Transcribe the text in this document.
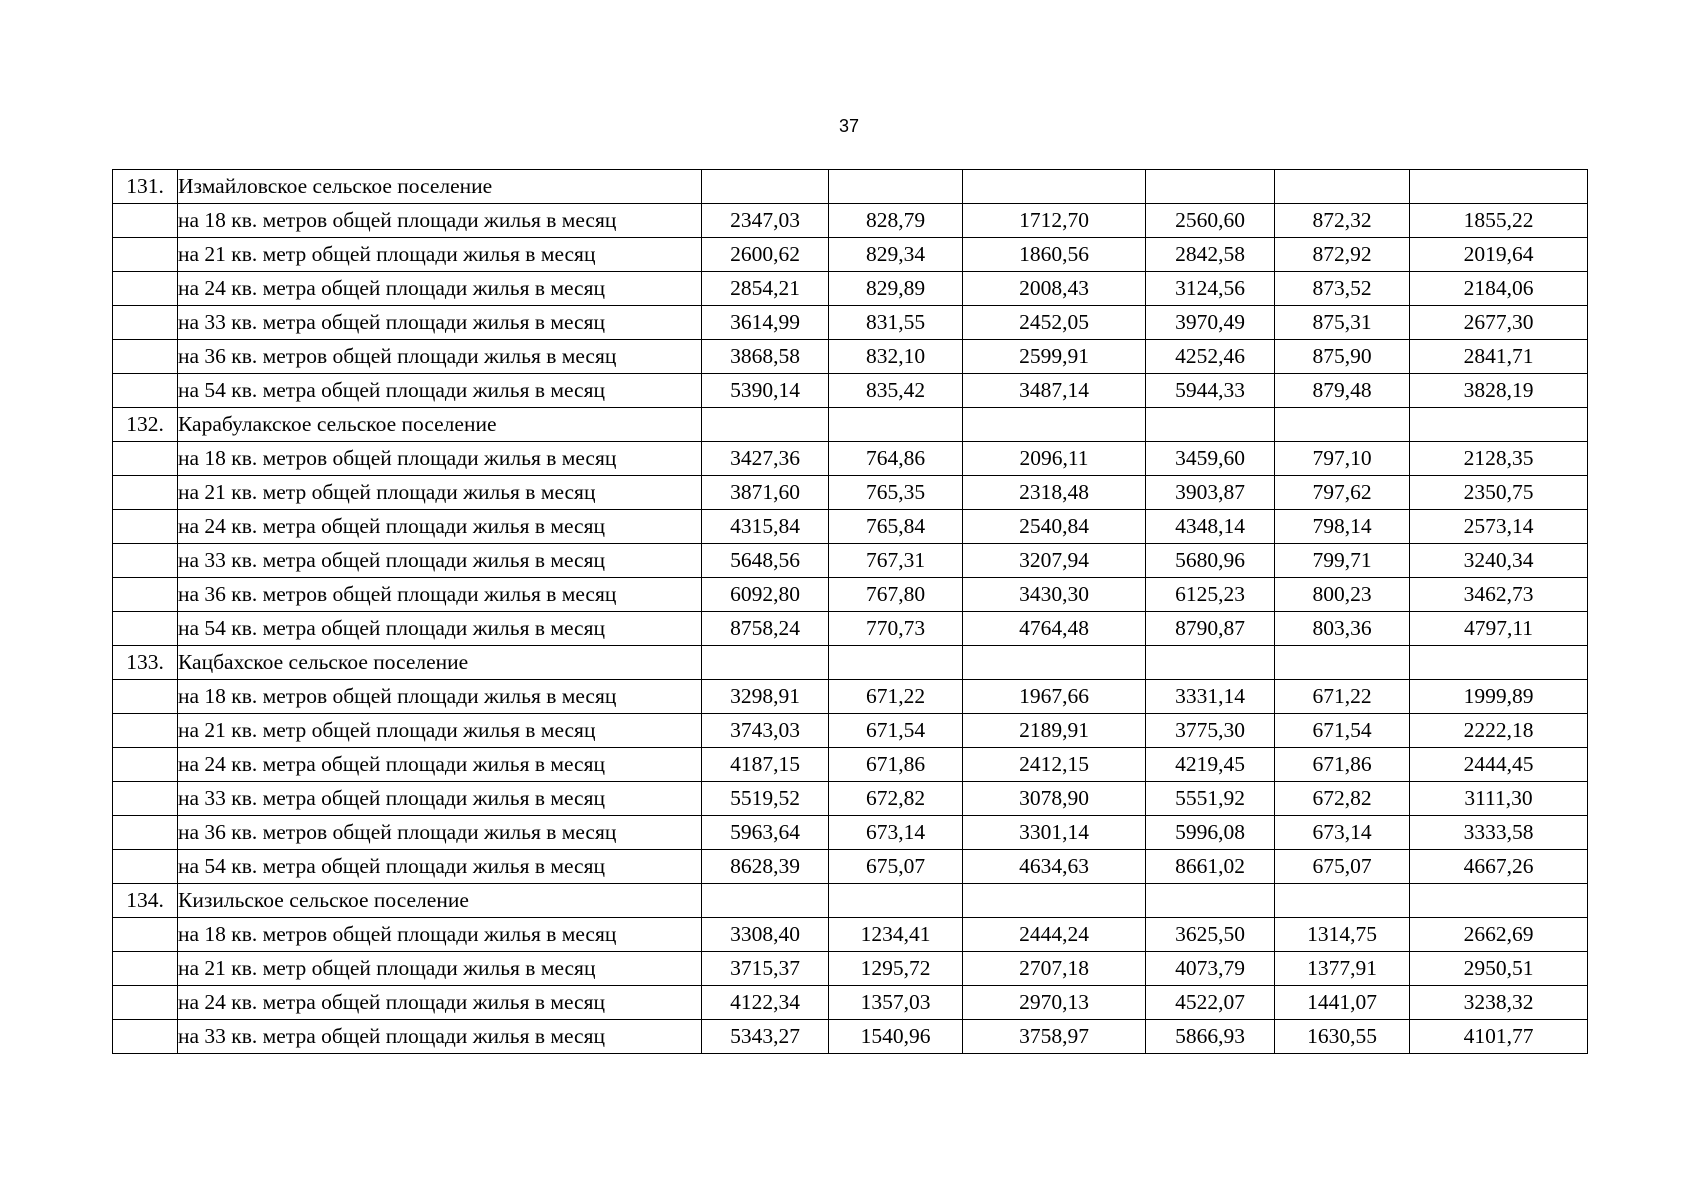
37
131.	Измайловское сельское поселение						
	на 18 кв. метров общей площади жилья в месяц	2347,03	828,79	1712,70	2560,60	872,32	1855,22
	на 21 кв. метр общей площади жилья в месяц	2600,62	829,34	1860,56	2842,58	872,92	2019,64
	на 24 кв. метра общей площади жилья в месяц	2854,21	829,89	2008,43	3124,56	873,52	2184,06
	на 33 кв. метра общей площади жилья в месяц	3614,99	831,55	2452,05	3970,49	875,31	2677,30
	на 36 кв. метров общей площади жилья в месяц	3868,58	832,10	2599,91	4252,46	875,90	2841,71
	на 54 кв. метра общей площади жилья в месяц	5390,14	835,42	3487,14	5944,33	879,48	3828,19
132.	Карабулакское сельское поселение						
	на 18 кв. метров общей площади жилья в месяц	3427,36	764,86	2096,11	3459,60	797,10	2128,35
	на 21 кв. метр общей площади жилья в месяц	3871,60	765,35	2318,48	3903,87	797,62	2350,75
	на 24 кв. метра общей площади жилья в месяц	4315,84	765,84	2540,84	4348,14	798,14	2573,14
	на 33 кв. метра общей площади жилья в месяц	5648,56	767,31	3207,94	5680,96	799,71	3240,34
	на 36 кв. метров общей площади жилья в месяц	6092,80	767,80	3430,30	6125,23	800,23	3462,73
	на 54 кв. метра общей площади жилья в месяц	8758,24	770,73	4764,48	8790,87	803,36	4797,11
133.	Кацбахское сельское поселение						
	на 18 кв. метров общей площади жилья в месяц	3298,91	671,22	1967,66	3331,14	671,22	1999,89
	на 21 кв. метр общей площади жилья в месяц	3743,03	671,54	2189,91	3775,30	671,54	2222,18
	на 24 кв. метра общей площади жилья в месяц	4187,15	671,86	2412,15	4219,45	671,86	2444,45
	на 33 кв. метра общей площади жилья в месяц	5519,52	672,82	3078,90	5551,92	672,82	3111,30
	на 36 кв. метров общей площади жилья в месяц	5963,64	673,14	3301,14	5996,08	673,14	3333,58
	на 54 кв. метра общей площади жилья в месяц	8628,39	675,07	4634,63	8661,02	675,07	4667,26
134.	Кизильское сельское поселение						
	на 18 кв. метров общей площади жилья в месяц	3308,40	1234,41	2444,24	3625,50	1314,75	2662,69
	на 21 кв. метр общей площади жилья в месяц	3715,37	1295,72	2707,18	4073,79	1377,91	2950,51
	на 24 кв. метра общей площади жилья в месяц	4122,34	1357,03	2970,13	4522,07	1441,07	3238,32
	на 33 кв. метра общей площади жилья в месяц	5343,27	1540,96	3758,97	5866,93	1630,55	4101,77
